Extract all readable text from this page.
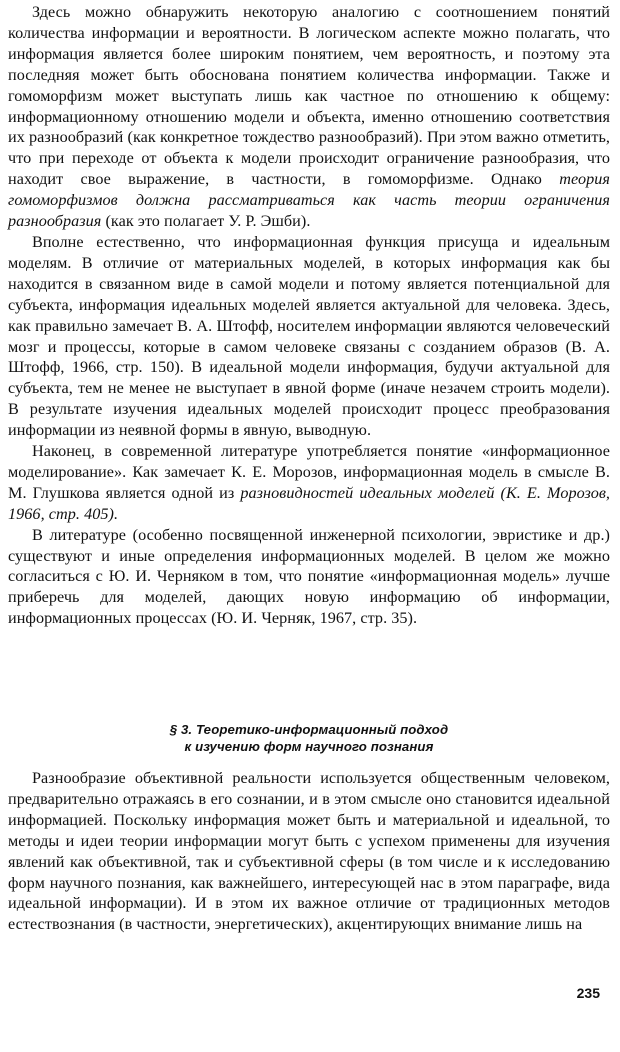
Здесь можно обнаружить некоторую аналогию с соотношением понятий количества информации и вероятности. В логическом аспекте можно полагать, что информация является более широким понятием, чем вероятность, и поэтому эта последняя может быть обоснована понятием количества информации. Также и гомоморфизм может выступать лишь как частное по отношению к общему: информационному отношению модели и объекта, именно отношению соответствия их разнообразий (как конкретное тождество разнообразий). При этом важно отметить, что при переходе от объекта к модели происходит ограничение разнообразия, что находит свое выражение, в частности, в гомоморфизме. Однако теория гомоморфизмов должна рассматриваться как часть теории ограничения разнообразия (как это полагает У. Р. Эшби).

Вполне естественно, что информационная функция присуща и идеальным моделям. В отличие от материальных моделей, в которых информация как бы находится в связанном виде в самой модели и потому является потенциальной для субъекта, информация идеальных моделей является актуальной для человека. Здесь, как правильно замечает В. А. Штофф, носителем информации являются человеческий мозг и процессы, которые в самом человеке связаны с созданием образов (В. А. Штофф, 1966, стр. 150). В идеальной модели информация, будучи актуальной для субъекта, тем не менее не выступает в явной форме (иначе незачем строить модели). В результате изучения идеальных моделей происходит процесс преобразования информации из неявной формы в явную, выводную.

Наконец, в современной литературе употребляется понятие «информационное моделирование». Как замечает К. Е. Морозов, информационная модель в смысле В. М. Глушкова является одной из разновидностей идеальных моделей (К. Е. Морозов, 1966, стр. 405).

В литературе (особенно посвященной инженерной психологии, эвристике и др.) существуют и иные определения информационных моделей. В целом же можно согласиться с Ю. И. Черняком в том, что понятие «информационная модель» лучше приберечь для моделей, дающих новую информацию об информации, информационных процессах (Ю. И. Черняк, 1967, стр. 35).

§ 3. Теоретико-информационный подход
к изучению форм научного познания

Разнообразие объективной реальности используется общественным человеком, предварительно отражаясь в его сознании, и в этом смысле оно становится идеальной информацией. Поскольку информация может быть и материальной и идеальной, то методы и идеи теории информации могут быть с успехом применены для изучения явлений как объективной, так и субъективной сферы (в том числе и к исследованию форм научного познания, как важнейшего, интересующей нас в этом параграфе, вида идеальной информации). И в этом их важное отличие от традиционных методов естествознания (в частности, энергетических), акцентирующих внимание лишь на

235
